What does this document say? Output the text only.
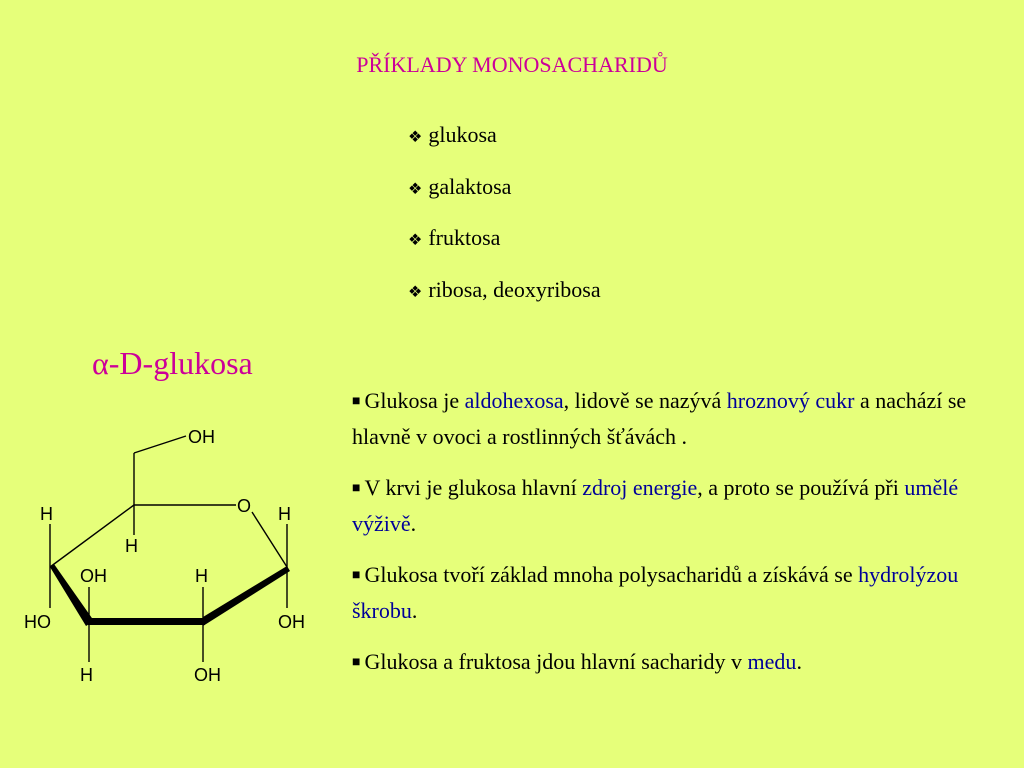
PŘÍKLADY MONOSACHARIDŮ
❖ glukosa
❖ galaktosa
❖ fruktosa
❖ ribosa, deoxyribosa
α-D-glukosa
OH
O
H	H
H
OH	H
HO	OH
H	OH

■ Glukosa je aldohexosa, lidově se nazývá hroznový cukr a nachází se hlavně v ovoci a rostlinných šťávách .

■ V krvi je glukosa hlavní zdroj energie, a proto se používá při umělé výživě.

■ Glukosa tvoří základ mnoha polysacharidů a získává se hydrolýzou škrobu.

■ Glukosa a fruktosa jdou hlavní sacharidy v medu.
